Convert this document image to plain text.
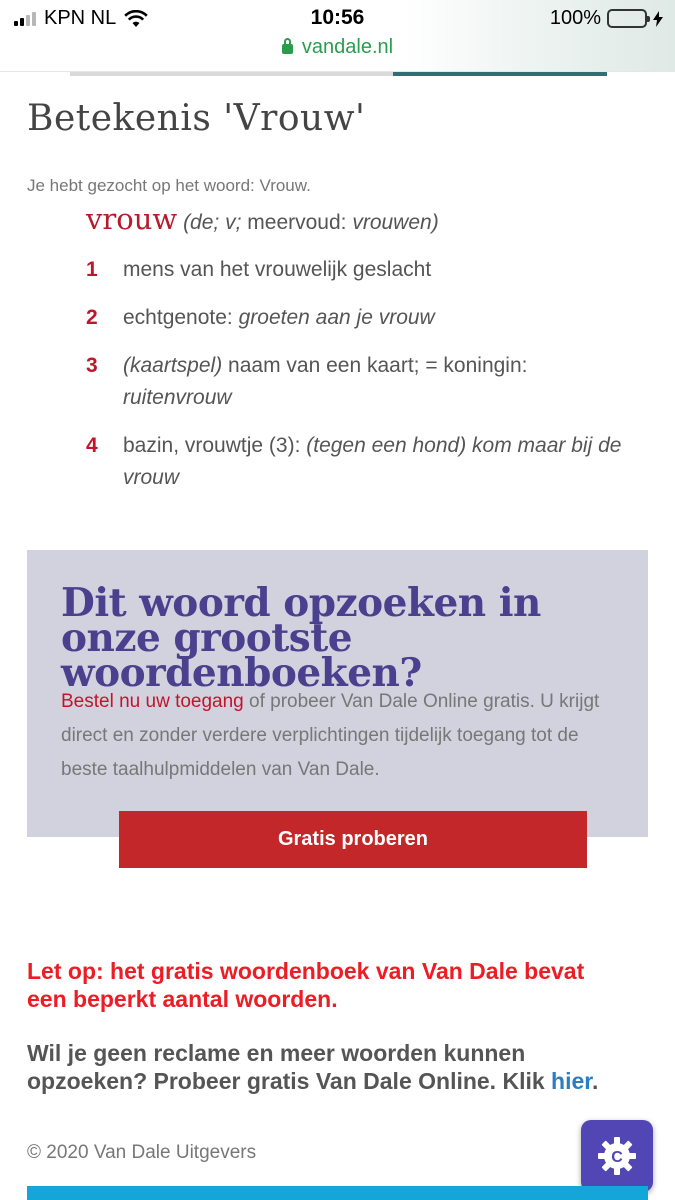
KPN NL	10:56	100%
vandale.nl
Betekenis 'Vrouw'

Je hebt gezocht op het woord: Vrouw.

vrouw (de; v; meervoud: vrouwen)
1 mens van het vrouwelijk geslacht
2 echtgenote: groeten aan je vrouw
3 (kaartspel) naam van een kaart; = koningin: ruitenvrouw
4 bazin, vrouwtje (3): (tegen een hond) kom maar bij de vrouw
Dit woord opzoeken in onze grootste woordenboeken?

Bestel nu uw toegang of probeer Van Dale Online gratis. U krijgt direct en zonder verdere verplichtingen tijdelijk toegang tot de beste taalhulpmiddelen van Van Dale.

Gratis proberen

Let op: het gratis woordenboek van Van Dale bevat een beperkt aantal woorden.

Wil je geen reclame en meer woorden kunnen opzoeken? Probeer gratis Van Dale Online. Klik hier.

© 2020 Van Dale Uitgevers	C
